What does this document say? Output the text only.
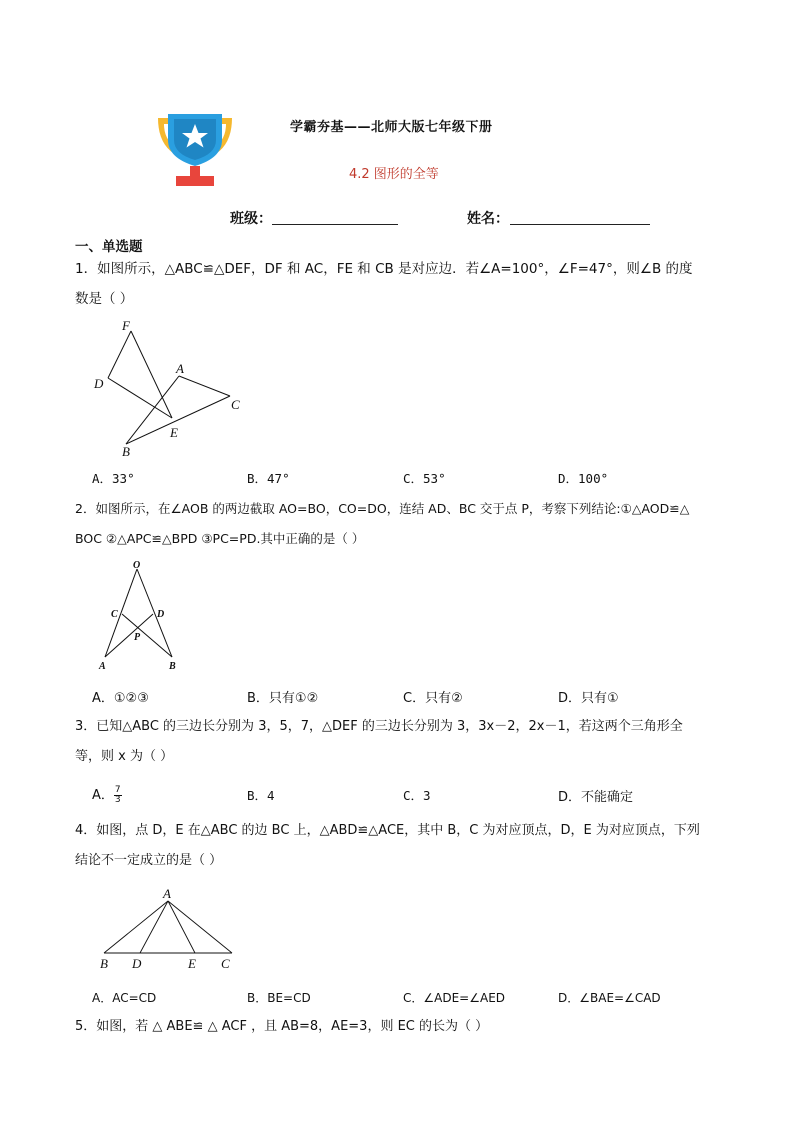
学霸夯基——北师大版七年级下册
4.2 图形的全等
班级：	姓名：
一、单选题
1．如图所示，△ABC≌△DEF，DF 和 AC，FE 和 CB 是对应边．若∠A=100°，∠F=47°，则∠B 的度
数是（ ）
F
A
D
C
B
E
A．33°	B．47°	C．53°	D．100°
2．如图所示，在∠AOB 的两边截取 AO=BO，CO=DO，连结 AD、BC 交于点 P，考察下列结论:①△AOD≌△
BOC ②△APC≌△BPD ③PC=PD.其中正确的是（ ）
O
C	D
P
A	B
A．①②③	B．只有①②	C．只有②	D．只有①
3．已知△ABC 的三边长分别为 3，5，7，△DEF 的三边长分别为 3，3x－2，2x－1，若这两个三角形全
等，则 x 为（ ）
A． $\frac{7}{3}$	B．4	C．3	D．不能确定
4．如图，点 D，E 在△ABC 的边 BC 上，△ABD≌△ACE，其中 B，C 为对应顶点，D，E 为对应顶点，下列
结论不一定成立的是（ ）
A
B D	E C
A．AC=CD	B．BE=CD	C．∠ADE=∠AED	D．∠BAE=∠CAD
5．如图，若 △ ABE≌ △ ACF ，且 AB=8，AE=3，则 EC 的长为（ ）
